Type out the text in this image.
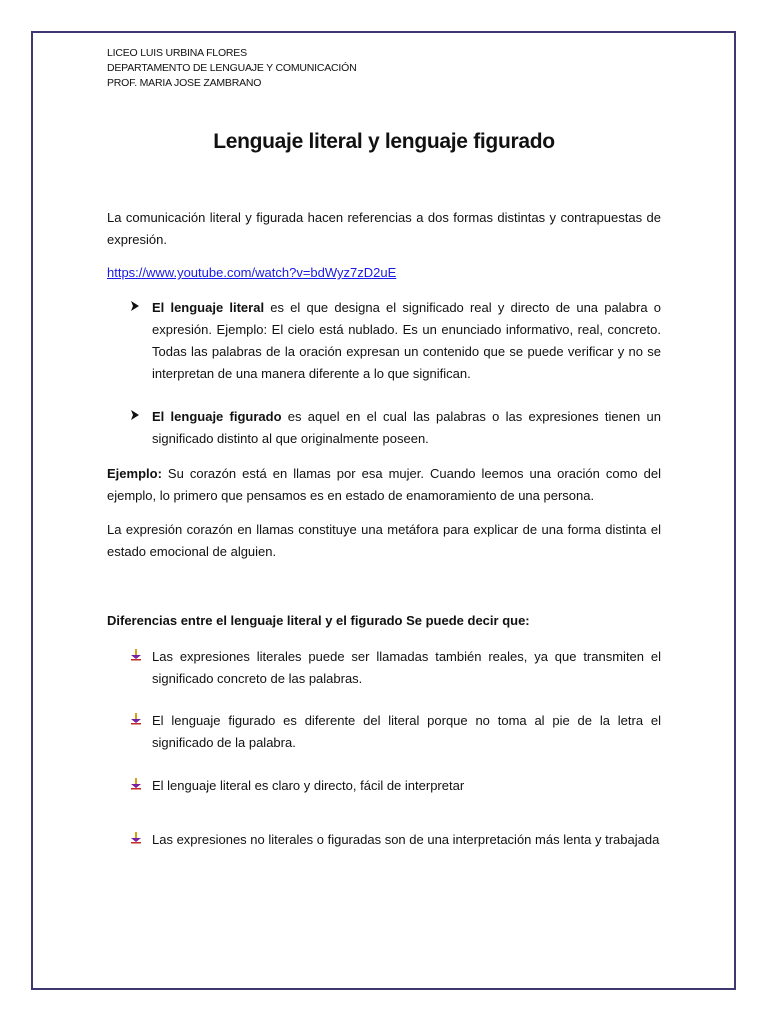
LICEO LUIS URBINA FLORES
DEPARTAMENTO DE LENGUAJE Y COMUNICACIÓN
PROF. MARIA JOSE ZAMBRANO
Lenguaje literal y lenguaje figurado
La comunicación literal y figurada hacen referencias a dos formas distintas y contrapuestas de expresión.
https://www.youtube.com/watch?v=bdWyz7zD2uE
El lenguaje literal es el que designa el significado real y directo de una palabra o expresión. Ejemplo: El cielo está nublado. Es un enunciado informativo, real, concreto. Todas las palabras de la oración expresan un contenido que se puede verificar y no se interpretan de una manera diferente a lo que significan.
El lenguaje figurado es aquel en el cual las palabras o las expresiones tienen un significado distinto al que originalmente poseen.
Ejemplo: Su corazón está en llamas por esa mujer. Cuando leemos una oración como del ejemplo, lo primero que pensamos es en estado de enamoramiento de una persona.
La expresión corazón en llamas constituye una metáfora para explicar de una forma distinta el estado emocional de alguien.
Diferencias entre el lenguaje literal y el figurado Se puede decir que:
Las expresiones literales puede ser llamadas también reales, ya que transmiten el significado concreto de las palabras.
El lenguaje figurado es diferente del literal porque no toma al pie de la letra el significado de la palabra.
El lenguaje literal es claro y directo, fácil de interpretar
Las expresiones no literales o figuradas son de una interpretación más lenta y trabajada
